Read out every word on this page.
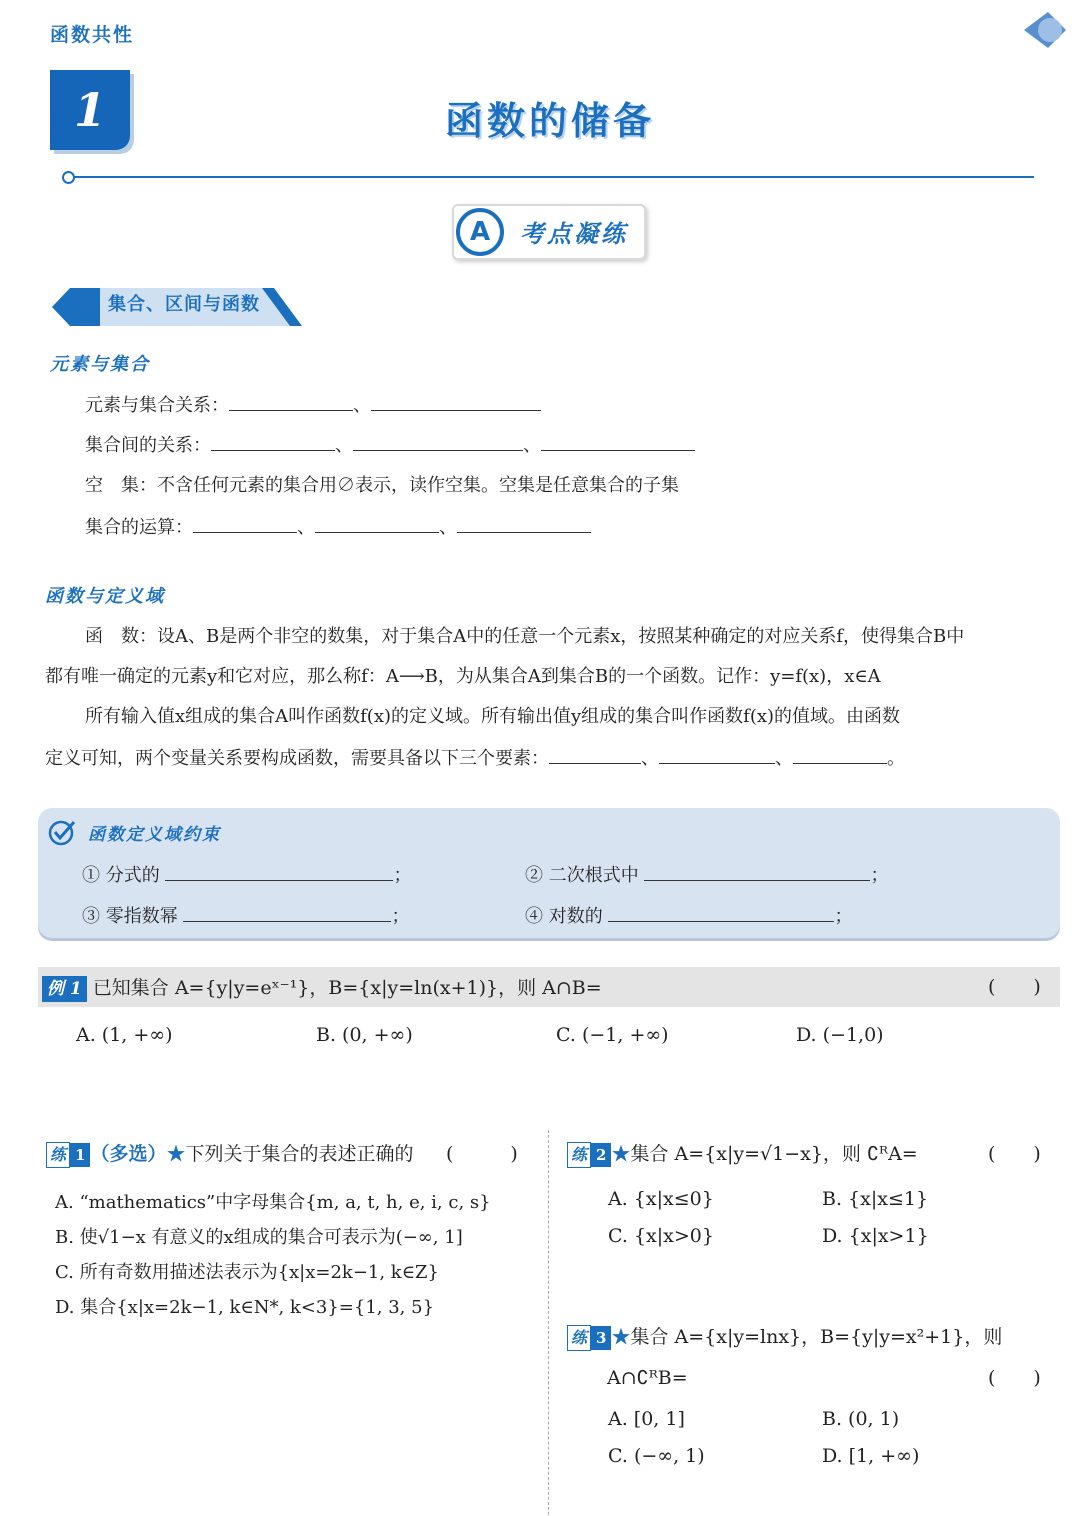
函数共性
1	函数的储备
A	考点凝练
一、集合、区间与函数
元素与集合
元素与集合关系：	、
集合间的关系：	、	、
空　集：不含任何元素的集合用∅表示，读作空集。空集是任意集合的子集
集合的运算：	、	、
函数与定义域
函　数：设A、B是两个非空的数集，对于集合A中的任意一个元素x，按照某种确定的对应关系f，使得集合B中
都有唯一确定的元素y和它对应，那么称f：A⟶B，为从集合A到集合B的一个函数。记作：y=f(x)，x∈A
所有输入值x组成的集合A叫作函数f(x)的定义域。所有输出值y组成的集合叫作函数f(x)的值域。由函数
定义可知，两个变量关系要构成函数，需要具备以下三个要素：	、	、	。
函数定义域约束
① 分式的	；	② 二次根式中	；
③ 零指数幂	；	④ 对数的	；
例 1 已知集合 A={y|y=eˣ⁻¹}，B={x|y=ln(x+1)}，则 A∩B=	(　　)
A. (1, +∞)	B. (0, +∞)	C. (−1, +∞)	D. (−1,0)
练 1 （多选）★下列关于集合的表述正确的 (　　　)
A. “mathematics”中字母集合{m, a, t, h, e, i, c, s}
B. 使√1−x 有意义的x组成的集合可表示为(−∞, 1]
C. 所有奇数用描述法表示为{x|x=2k−1, k∈Z}
D. 集合{x|x=2k−1, k∈N*, k<3}={1, 3, 5}
练 2 ★集合 A={x|y=√1−x}，则 ∁ᴿA=	(　　)
A. {x|x≤0}	B. {x|x≤1}
C. {x|x>0}	D. {x|x>1}
练 3 ★集合 A={x|y=lnx}，B={y|y=x²+1}，则
A∩∁ᴿB=	(　　)
A. [0, 1]	B. (0, 1)
C. (−∞, 1)	D. [1, +∞)
